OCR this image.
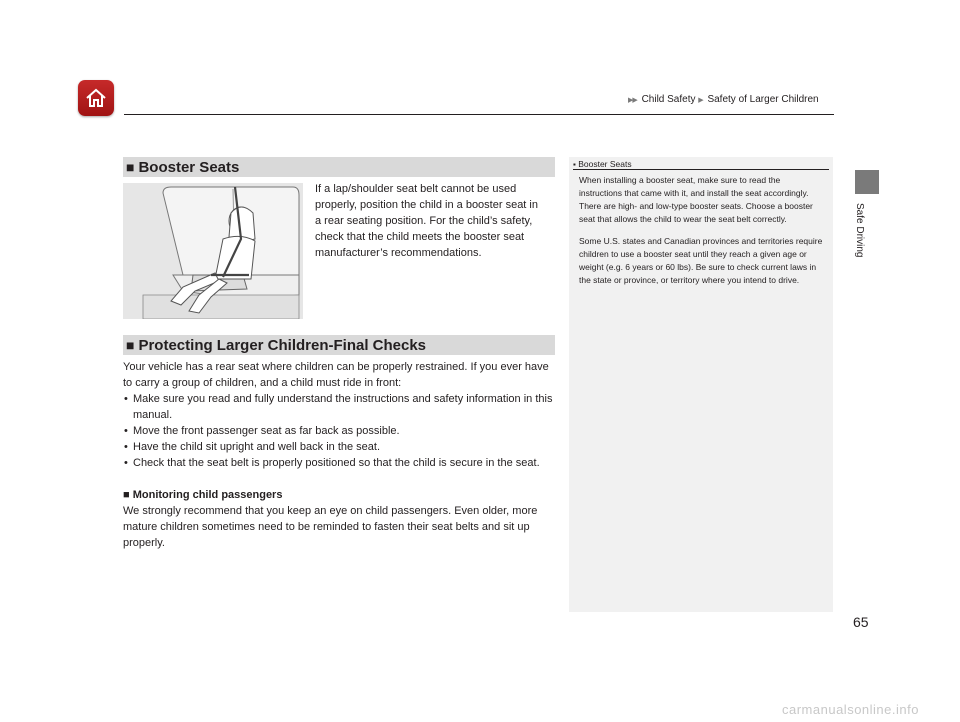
▶▶ Child Safety ▶ Safety of Larger Children
Safe Driving
65
■ Booster Seats
If a lap/shoulder seat belt cannot be used
properly, position the child in a booster seat in
a rear seating position. For the child’s safety,
check that the child meets the booster seat
manufacturer’s recommendations.
■ Protecting Larger Children-Final Checks
Your vehicle has a rear seat where children can be properly restrained. If you ever have to carry a group of children, and a child must ride in front:
• Make sure you read and fully understand the instructions and safety information in this manual.
• Move the front passenger seat as far back as possible.
• Have the child sit upright and well back in the seat.
• Check that the seat belt is properly positioned so that the child is secure in the seat.
■ Monitoring child passengers
We strongly recommend that you keep an eye on child passengers. Even older, more mature children sometimes need to be reminded to fasten their seat belts and sit up properly.
▪ Booster Seats

When installing a booster seat, make sure to read the instructions that came with it, and install the seat accordingly.
There are high- and low-type booster seats. Choose a booster seat that allows the child to wear the seat belt correctly.

Some U.S. states and Canadian provinces and territories require children to use a booster seat until they reach a given age or weight (e.g. 6 years or 60 lbs). Be sure to check current laws in the state or province, or territory where you intend to drive.

carmanualsonline.info
